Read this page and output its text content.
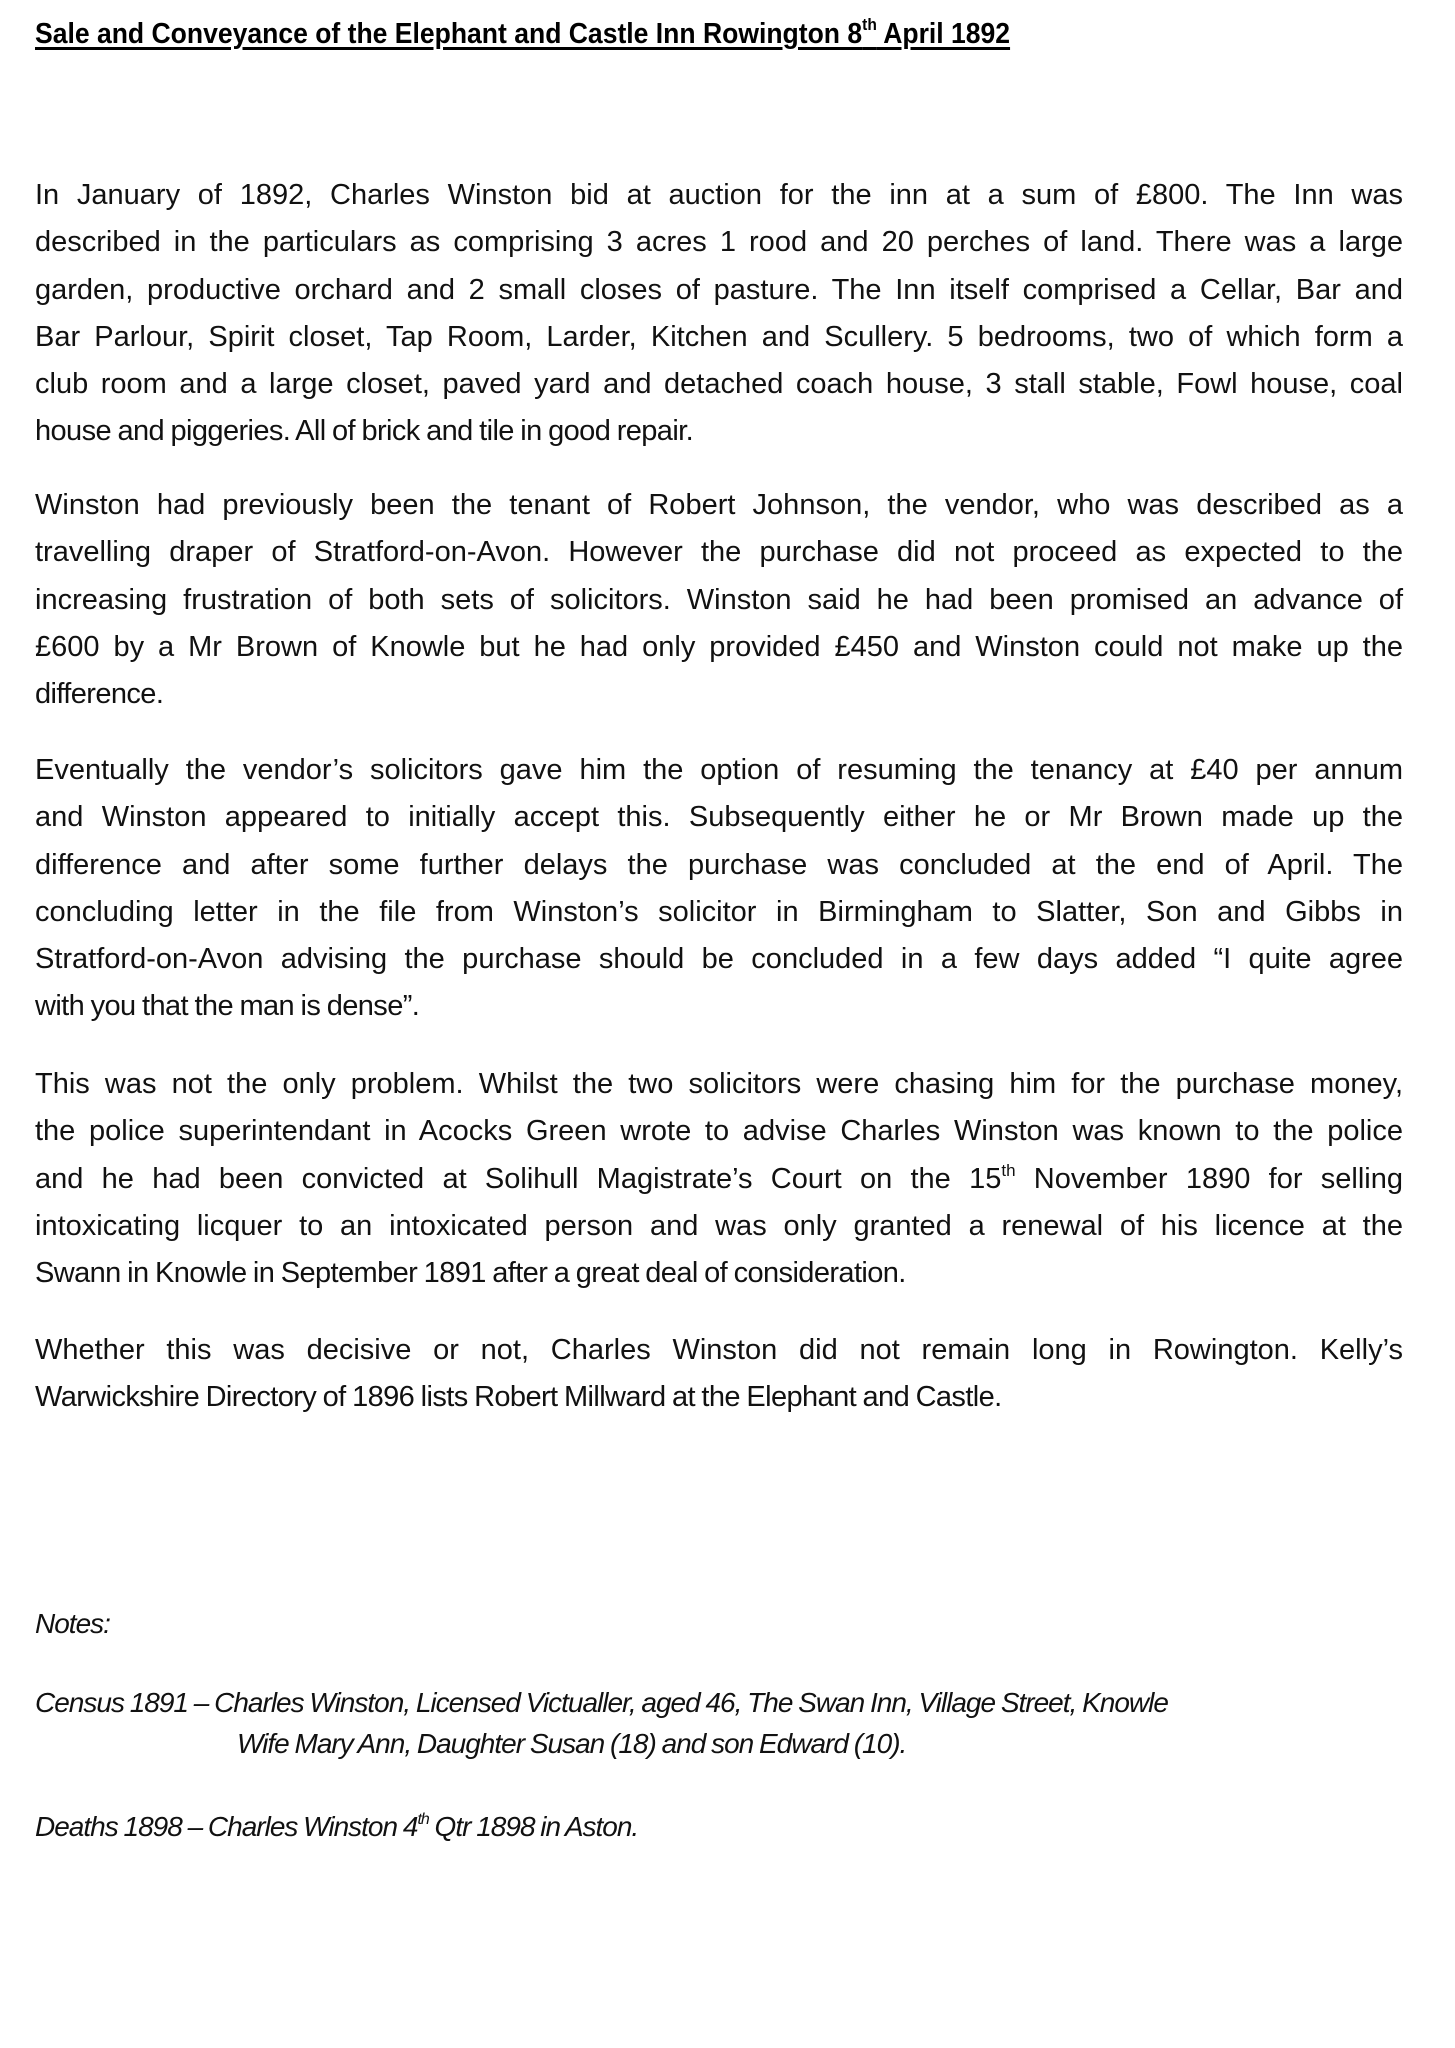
Sale and Conveyance of the Elephant and Castle Inn Rowington 8th April 1892
In January of 1892, Charles Winston bid at auction for the inn at a sum of £800. The Inn was
described in the particulars as comprising 3 acres 1 rood and 20 perches of land. There was a large
garden, productive orchard and 2 small closes of pasture. The Inn itself comprised a Cellar, Bar and
Bar Parlour, Spirit closet, Tap Room, Larder, Kitchen and Scullery. 5 bedrooms, two of which form a
club room and a large closet, paved yard and detached coach house, 3 stall stable, Fowl house, coal
house and piggeries. All of brick and tile in good repair.
Winston had previously been the tenant of Robert Johnson, the vendor, who was described as a
travelling draper of Stratford-on-Avon. However the purchase did not proceed as expected to the
increasing frustration of both sets of solicitors. Winston said he had been promised an advance of
£600 by a Mr Brown of Knowle but he had only provided £450 and Winston could not make up the
difference.
Eventually the vendor’s solicitors gave him the option of resuming the tenancy at £40 per annum
and Winston appeared to initially accept this. Subsequently either he or Mr Brown made up the
difference and after some further delays the purchase was concluded at the end of April. The
concluding letter in the file from Winston’s solicitor in Birmingham to Slatter, Son and Gibbs in
Stratford-on-Avon advising the purchase should be concluded in a few days added “I quite agree
with you that the man is dense”.
This was not the only problem. Whilst the two solicitors were chasing him for the purchase money,
the police superintendant in Acocks Green wrote to advise Charles Winston was known to the police
and he had been convicted at Solihull Magistrate’s Court on the 15th November 1890 for selling
intoxicating licquer to an intoxicated person and was only granted a renewal of his licence at the
Swann in Knowle in September 1891 after a great deal of consideration.
Whether this was decisive or not, Charles Winston did not remain long in Rowington. Kelly’s
Warwickshire Directory of 1896 lists Robert Millward at the Elephant and Castle.
Notes:
Census 1891 – Charles Winston, Licensed Victualler, aged 46, The Swan Inn, Village Street, Knowle
Wife Mary Ann, Daughter Susan (18) and son Edward (10).
Deaths 1898 – Charles Winston 4th Qtr 1898 in Aston.
